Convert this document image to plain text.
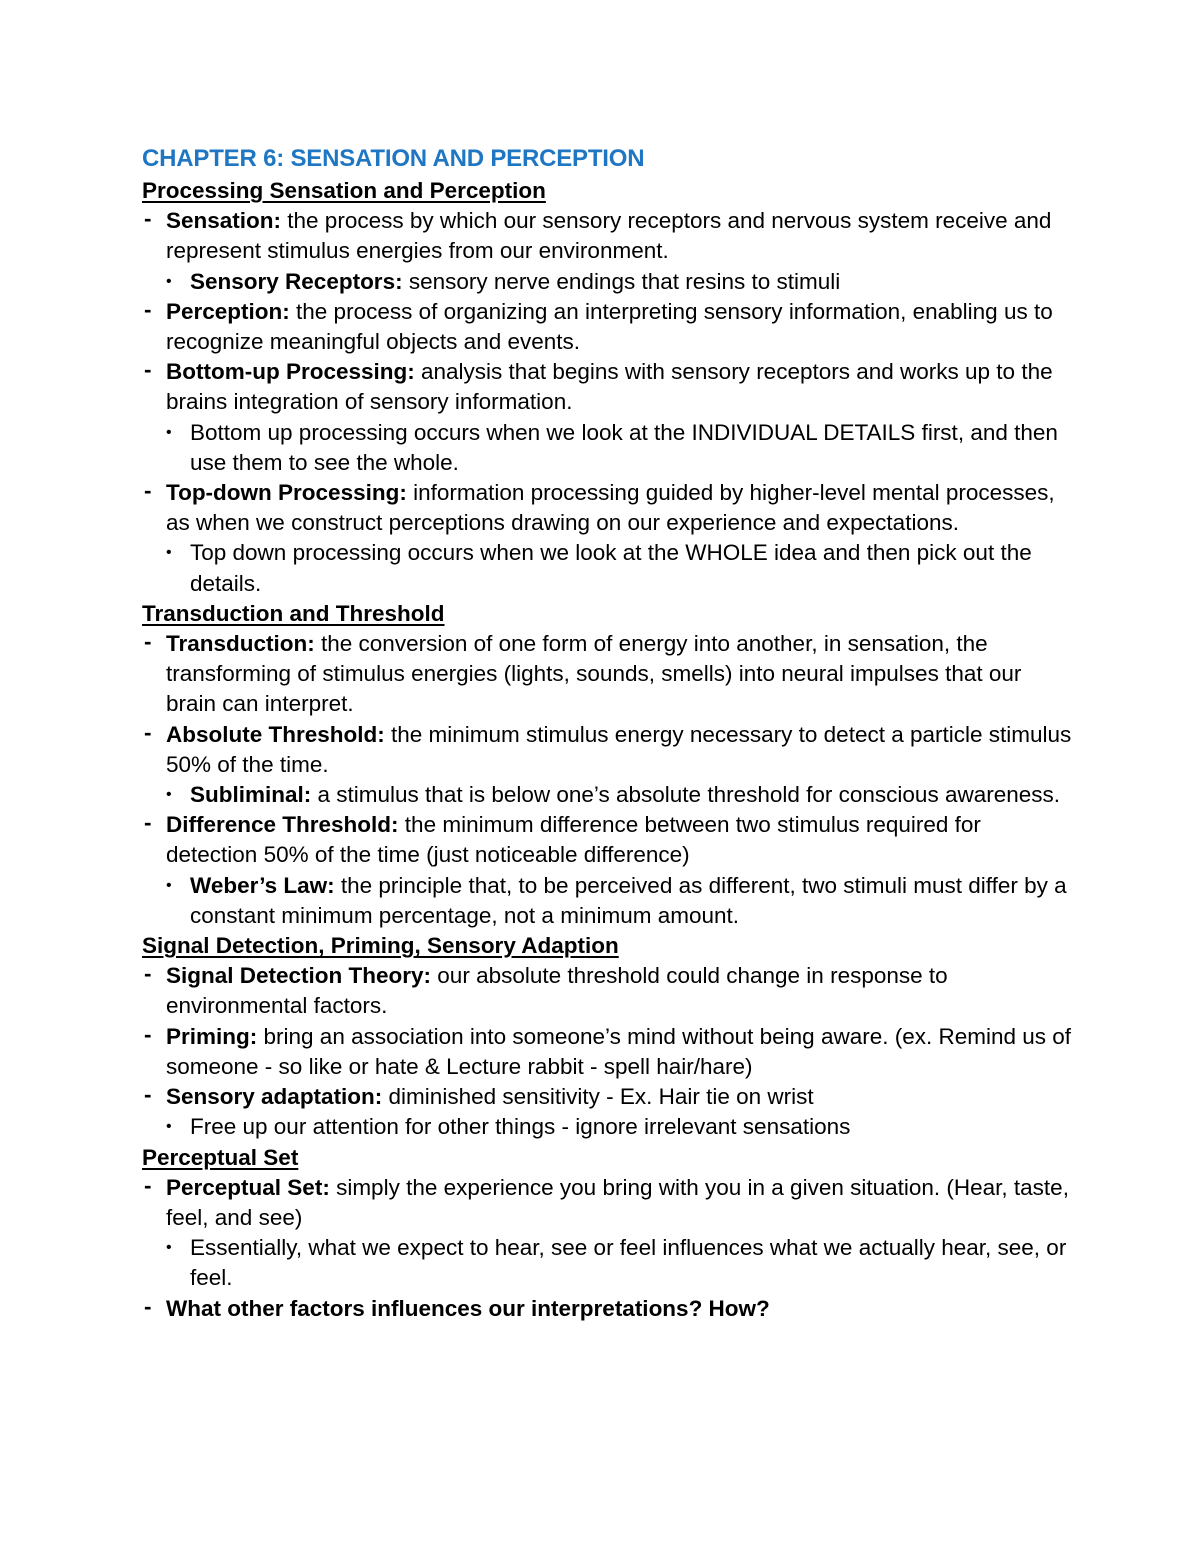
CHAPTER 6: SENSATION AND PERCEPTION
Processing Sensation and Perception
- Sensation: the process by which our sensory receptors and nervous system receive and represent stimulus energies from our environment.
• Sensory Receptors: sensory nerve endings that resins to stimuli
- Perception: the process of organizing an interpreting sensory information, enabling us to recognize meaningful objects and events.
- Bottom-up Processing: analysis that begins with sensory receptors and works up to the brains integration of sensory information.
• Bottom up processing occurs when we look at the INDIVIDUAL DETAILS first, and then use them to see the whole.
- Top-down Processing: information processing guided by higher-level mental processes, as when we construct perceptions drawing on our experience and expectations.
• Top down processing occurs when we look at the WHOLE idea and then pick out the details.
Transduction and Threshold
- Transduction: the conversion of one form of energy into another, in sensation, the transforming of stimulus energies (lights, sounds, smells) into neural impulses that our brain can interpret.
- Absolute Threshold: the minimum stimulus energy necessary to detect a particle stimulus 50% of the time.
• Subliminal: a stimulus that is below one’s absolute threshold for conscious awareness.
- Difference Threshold: the minimum difference between two stimulus required for detection 50% of the time (just noticeable difference)
• Weber’s Law: the principle that, to be perceived as different, two stimuli must differ by a constant minimum percentage, not a minimum amount.
Signal Detection, Priming, Sensory Adaption
- Signal Detection Theory: our absolute threshold could change in response to environmental factors.
- Priming: bring an association into someone’s mind without being aware. (ex. Remind us of someone - so like or hate & Lecture rabbit - spell hair/hare)
- Sensory adaptation: diminished sensitivity - Ex. Hair tie on wrist
• Free up our attention for other things - ignore irrelevant sensations
Perceptual Set
- Perceptual Set: simply the experience you bring with you in a given situation. (Hear, taste, feel, and see)
• Essentially, what we expect to hear, see or feel influences what we actually hear, see, or feel.
- What other factors influences our interpretations? How?
